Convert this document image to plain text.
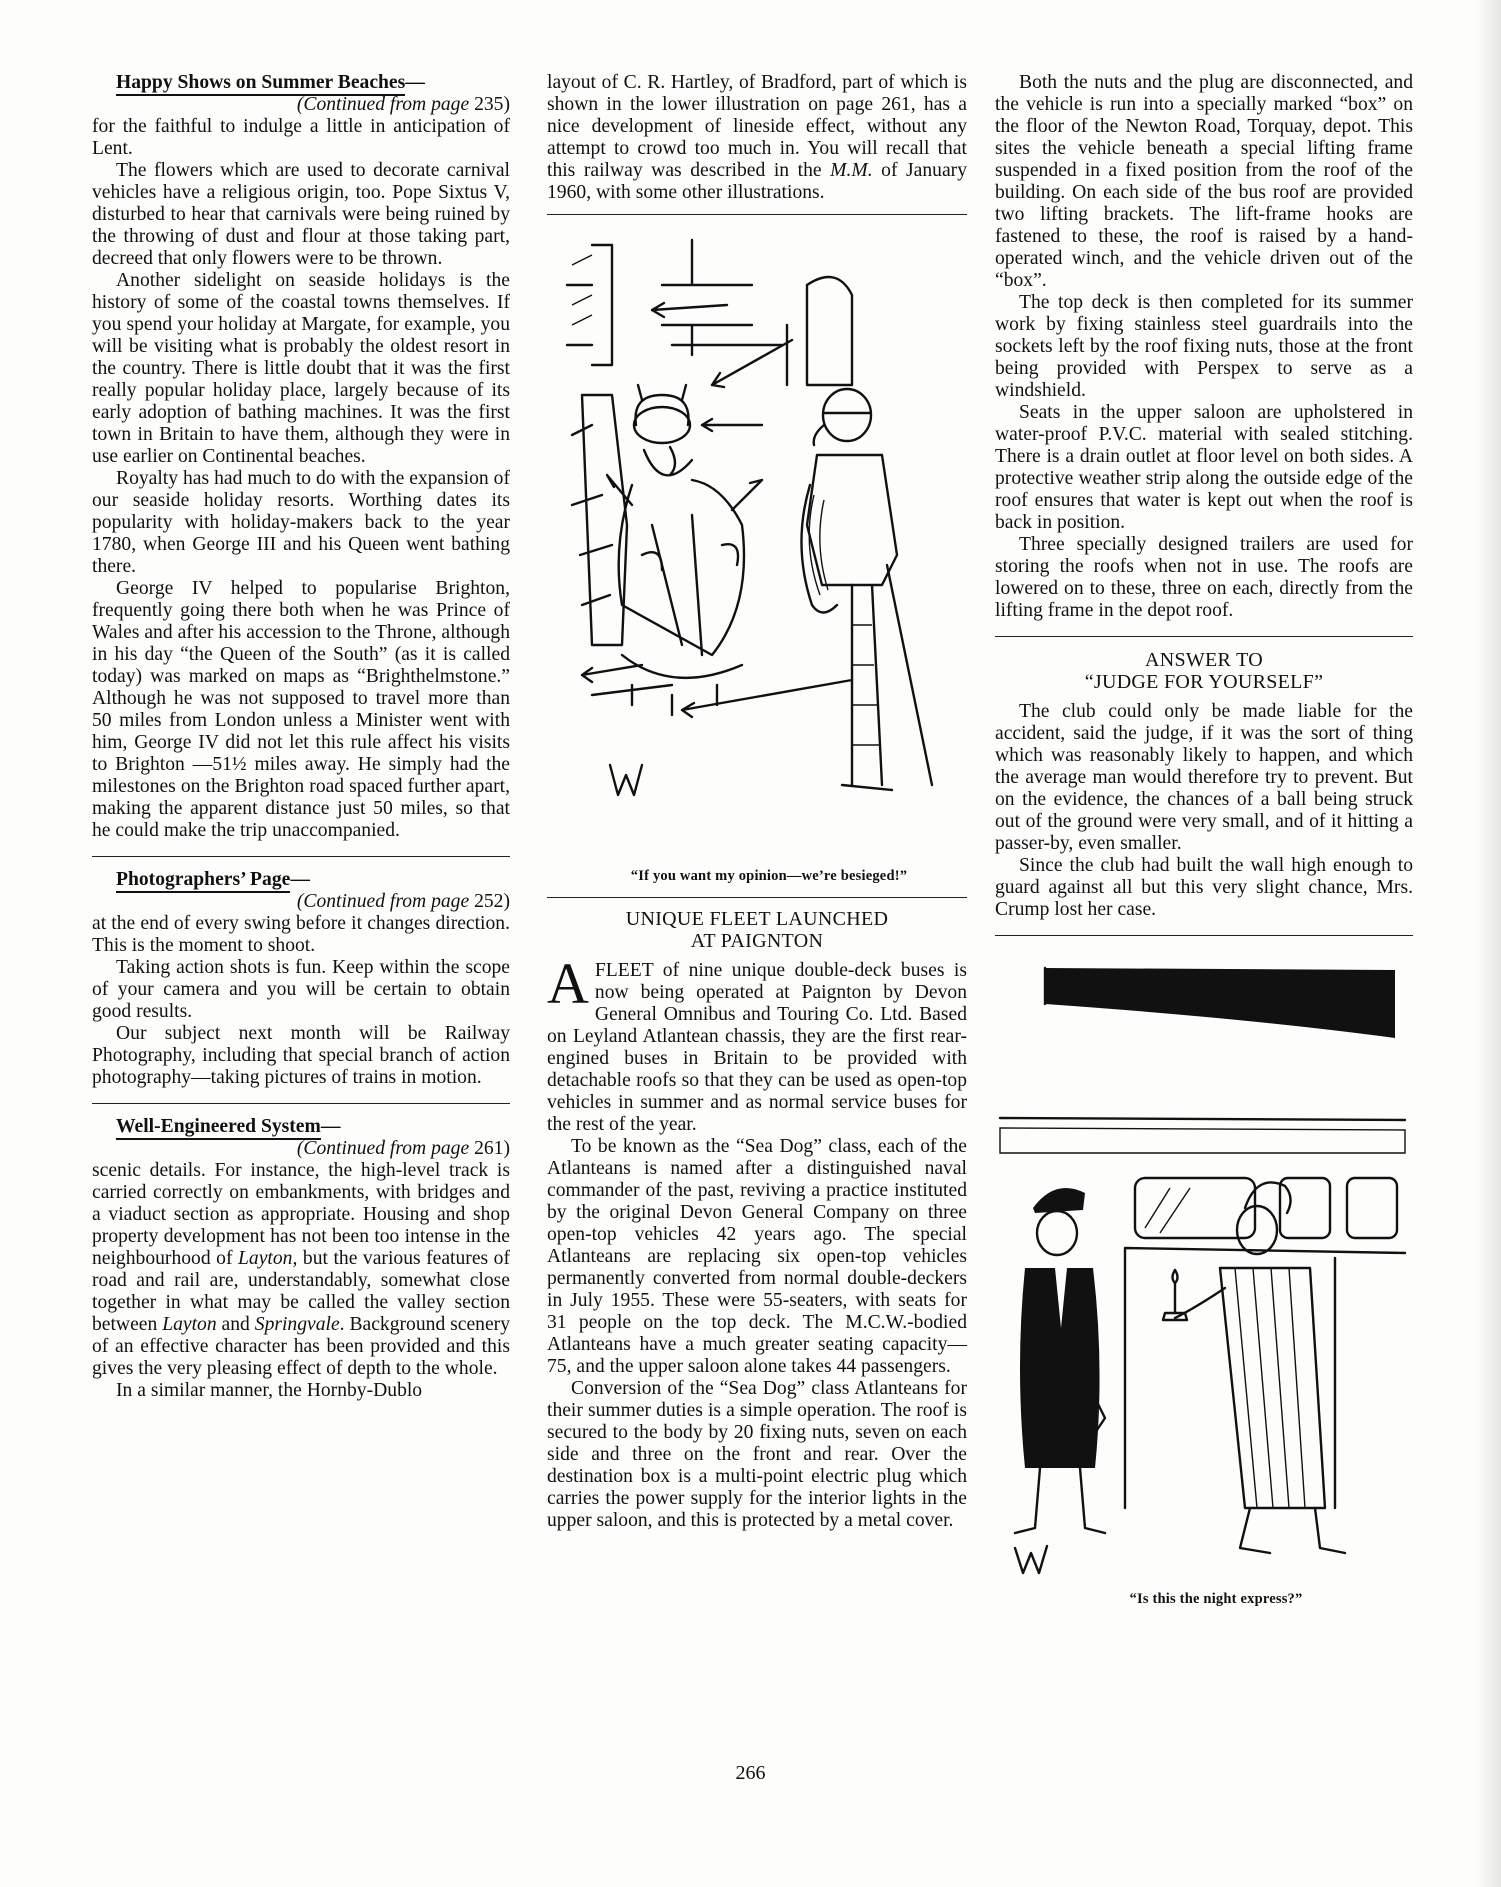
Happy Shows on Summer Beaches—

(Continued from page 235)

for the faithful to indulge a little in anticipation of Lent.

The flowers which are used to decorate carnival vehicles have a religious origin, too. Pope Sixtus V, disturbed to hear that carnivals were being ruined by the throwing of dust and flour at those taking part, decreed that only flowers were to be thrown.

Another sidelight on seaside holidays is the history of some of the coastal towns themselves. If you spend your holiday at Margate, for example, you will be visiting what is probably the oldest resort in the country. There is little doubt that it was the first really popular holiday place, largely because of its early adoption of bathing machines. It was the first town in Britain to have them, although they were in use earlier on Continental beaches.

Royalty has had much to do with the expansion of our seaside holiday resorts. Worthing dates its popularity with holiday-makers back to the year 1780, when George III and his Queen went bathing there.

George IV helped to popularise Brighton, frequently going there both when he was Prince of Wales and after his accession to the Throne, although in his day “the Queen of the South” (as it is called today) was marked on maps as “Brighthelmstone.” Although he was not supposed to travel more than 50 miles from London unless a Minister went with him, George IV did not let this rule affect his visits to Brighton —51½ miles away. He simply had the milestones on the Brighton road spaced further apart, making the apparent distance just 50 miles, so that he could make the trip unaccompanied.

Photographers’ Page—

(Continued from page 252)

at the end of every swing before it changes direction. This is the moment to shoot.

Taking action shots is fun. Keep within the scope of your camera and you will be certain to obtain good results.

Our subject next month will be Railway Photography, including that special branch of action photography—taking pictures of trains in motion.

Well-Engineered System—

(Continued from page 261)

scenic details. For instance, the high-level track is carried correctly on embankments, with bridges and a viaduct section as appropriate. Housing and shop property development has not been too intense in the neighbourhood of Layton, but the various features of road and rail are, understandably, somewhat close together in what may be called the valley section between Layton and Springvale. Background scenery of an effective character has been provided and this gives the very pleasing effect of depth to the whole.

In a similar manner, the Hornby-Dublo

layout of C. R. Hartley, of Bradford, part of which is shown in the lower illustration on page 261, has a nice development of lineside effect, without any attempt to crowd too much in. You will recall that this railway was described in the M.M. of January 1960, with some other illustrations.

“If you want my opinion—we’re besieged!”

UNIQUE FLEET LAUNCHED
AT PAIGNTON

AFLEET of nine unique double-deck buses is now being operated at Paignton by Devon General Omnibus and Touring Co. Ltd. Based on Leyland Atlantean chassis, they are the first rear-engined buses in Britain to be provided with detachable roofs so that they can be used as open-top vehicles in summer and as normal service buses for the rest of the year.

To be known as the “Sea Dog” class, each of the Atlanteans is named after a distinguished naval commander of the past, reviving a practice instituted by the original Devon General Company on three open-top vehicles 42 years ago. The special Atlanteans are replacing six open-top vehicles permanently converted from normal double-deckers in July 1955. These were 55-seaters, with seats for 31 people on the top deck. The M.C.W.-bodied Atlanteans have a much greater seating capacity—75, and the upper saloon alone takes 44 passengers.

Conversion of the “Sea Dog” class Atlanteans for their summer duties is a simple operation. The roof is secured to the body by 20 fixing nuts, seven on each side and three on the front and rear. Over the destination box is a multi-point electric plug which carries the power supply for the interior lights in the upper saloon, and this is protected by a metal cover.

Both the nuts and the plug are disconnected, and the vehicle is run into a specially marked “box” on the floor of the Newton Road, Torquay, depot. This sites the vehicle beneath a special lifting frame suspended in a fixed position from the roof of the building. On each side of the bus roof are provided two lifting brackets. The lift-frame hooks are fastened to these, the roof is raised by a hand-operated winch, and the vehicle driven out of the “box”.

The top deck is then completed for its summer work by fixing stainless steel guardrails into the sockets left by the roof fixing nuts, those at the front being provided with Perspex to serve as a windshield.

Seats in the upper saloon are upholstered in water-proof P.V.C. material with sealed stitching. There is a drain outlet at floor level on both sides. A protective weather strip along the outside edge of the roof ensures that water is kept out when the roof is back in position.

Three specially designed trailers are used for storing the roofs when not in use. The roofs are lowered on to these, three on each, directly from the lifting frame in the depot roof.

ANSWER TO
“JUDGE FOR YOURSELF”

The club could only be made liable for the accident, said the judge, if it was the sort of thing which was reasonably likely to happen, and which the average man would therefore try to prevent. But on the evidence, the chances of a ball being struck out of the ground were very small, and of it hitting a passer-by, even smaller.

Since the club had built the wall high enough to guard against all but this very slight chance, Mrs. Crump lost her case.

“Is this the night express?”

266
